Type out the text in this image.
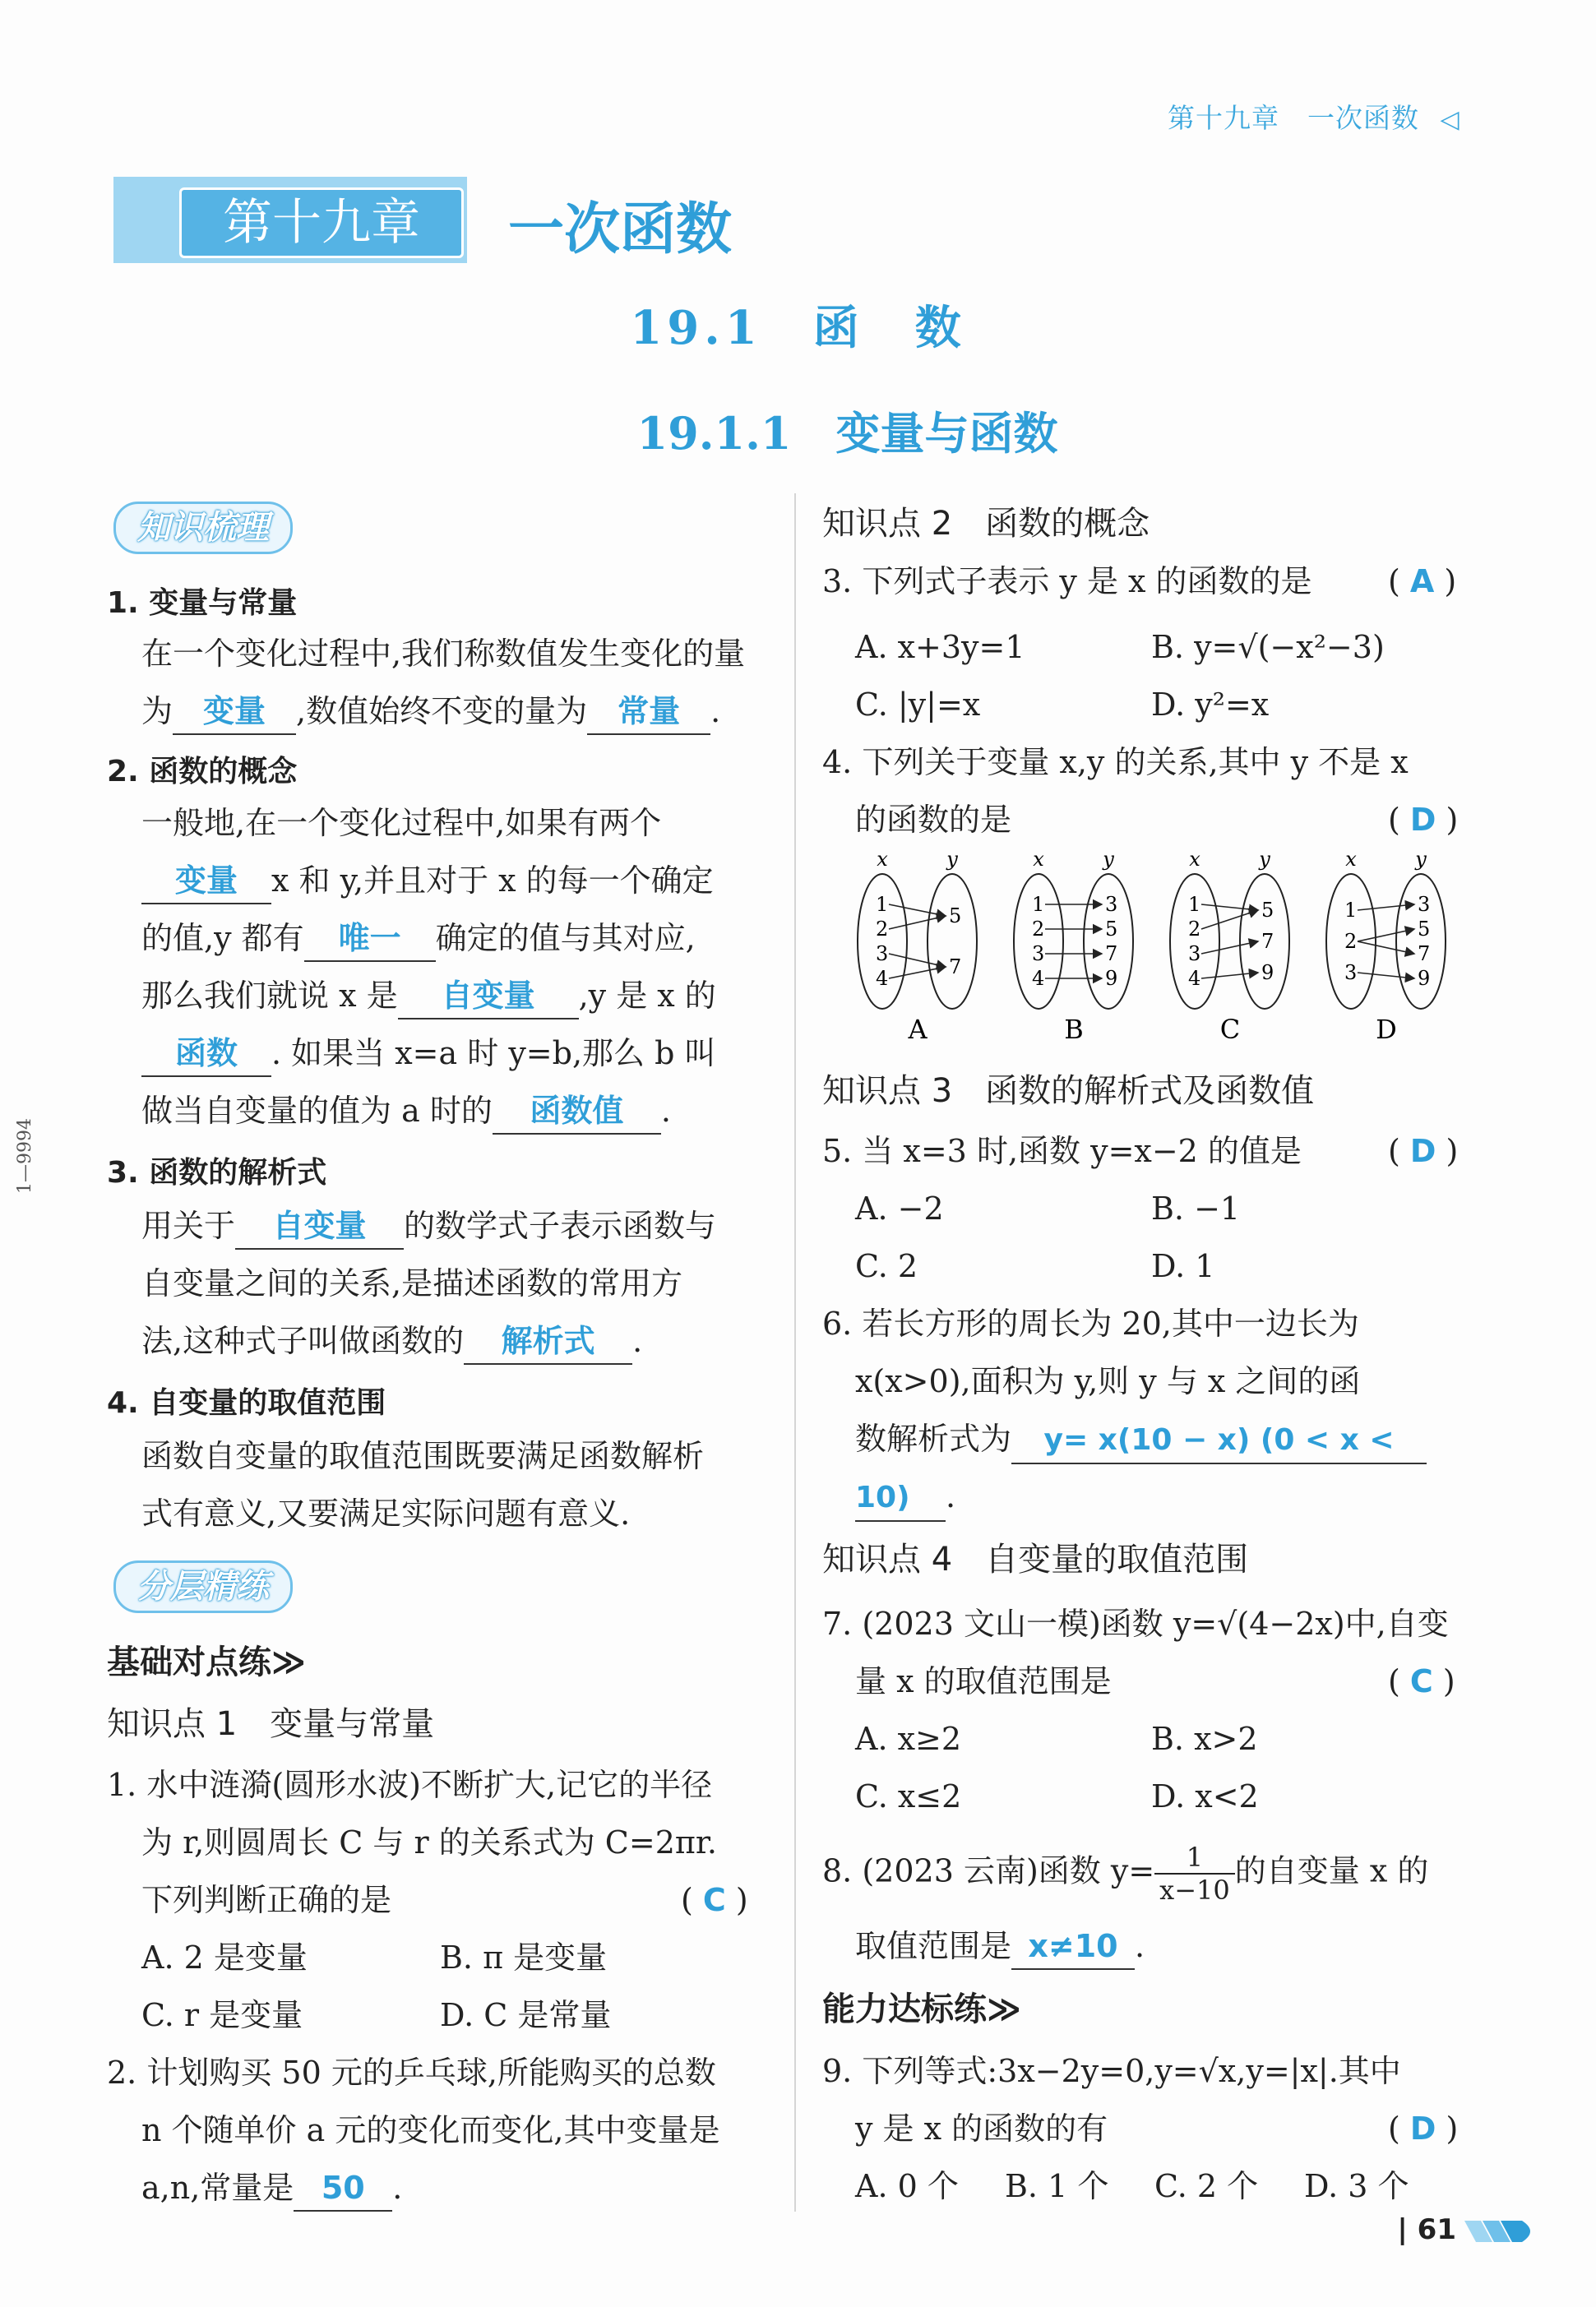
第十九章　一次函数 ◁
第十九章	一次函数
19.1　函　数
19.1.1　变量与函数
1—9994
知识梳理
1. 变量与常量
在一个变化过程中,我们称数值发生变化的量
为 变量 ,数值始终不变的量为 常量 .
2. 函数的概念
一般地,在一个变化过程中,如果有两个
变量 x 和 y,并且对于 x 的每一个确定
的值,y 都有 唯一 确定的值与其对应,
那么我们就说 x 是 自变量 ,y 是 x 的
函数 . 如果当 x=a 时 y=b,那么 b 叫
做当自变量的值为 a 时的 函数值 .
3. 函数的解析式
用关于 自变量 的数学式子表示函数与
自变量之间的关系,是描述函数的常用方
法,这种式子叫做函数的 解析式 .
4. 自变量的取值范围
函数自变量的取值范围既要满足函数解析
式有意义,又要满足实际问题有意义.
分层精练
基础对点练≫
知识点 1　变量与常量
1. 水中涟漪(圆形水波)不断扩大,记它的半径
为 r,则圆周长 C 与 r 的关系式为 C=2πr.
下列判断正确的是	( C )
A. 2 是变量	B. π 是变量
C. r 是变量	D. C 是常量
2. 计划购买 50 元的乒乓球,所能购买的总数
n 个随单价 a 元的变化而变化,其中变量是
a,n,常量是 50 .
知识点 2　函数的概念
3. 下列式子表示 y 是 x 的函数的是 ( A )
A. x+3y=1	B. y=√(−x²−3)
C. |y|=x	D. y²=x
4. 下列关于变量 x,y 的关系,其中 y 不是 x
的函数的是	( D )
x	y
1
2
3
4
5
7
A
x	y
1
2
3
4
3
5
7
9
B
x	y
1
2
3
4
5
7
9
C
x	y
1
2
3
3
5
7
9
D
知识点 3　函数的解析式及函数值
5. 当 x=3 时,函数 y=x−2 的值是	( D )
A. −2	B. −1
C. 2	D. 1
6. 若长方形的周长为 20,其中一边长为
x(x>0),面积为 y,则 y 与 x 之间的函
数解析式为 y= x(10 − x) (0 < x <
10) .
知识点 4　自变量的取值范围
7. (2023 文山一模)函数 y=√(4−2x)中,自变
量 x 的取值范围是	( C )
A. x≥2	B. x>2
C. x≤2	D. x<2
8. (2023 云南)函数 $y= \frac{1}{x-10}$ 的自变量 x 的
取值范围是 x≠10 .
能力达标练≫
9. 下列等式:3x−2y=0,y=√x,y=|x|.其中
y 是 x 的函数的有	( D )
A. 0 个 B. 1 个 C. 2 个 D. 3 个
| 61
